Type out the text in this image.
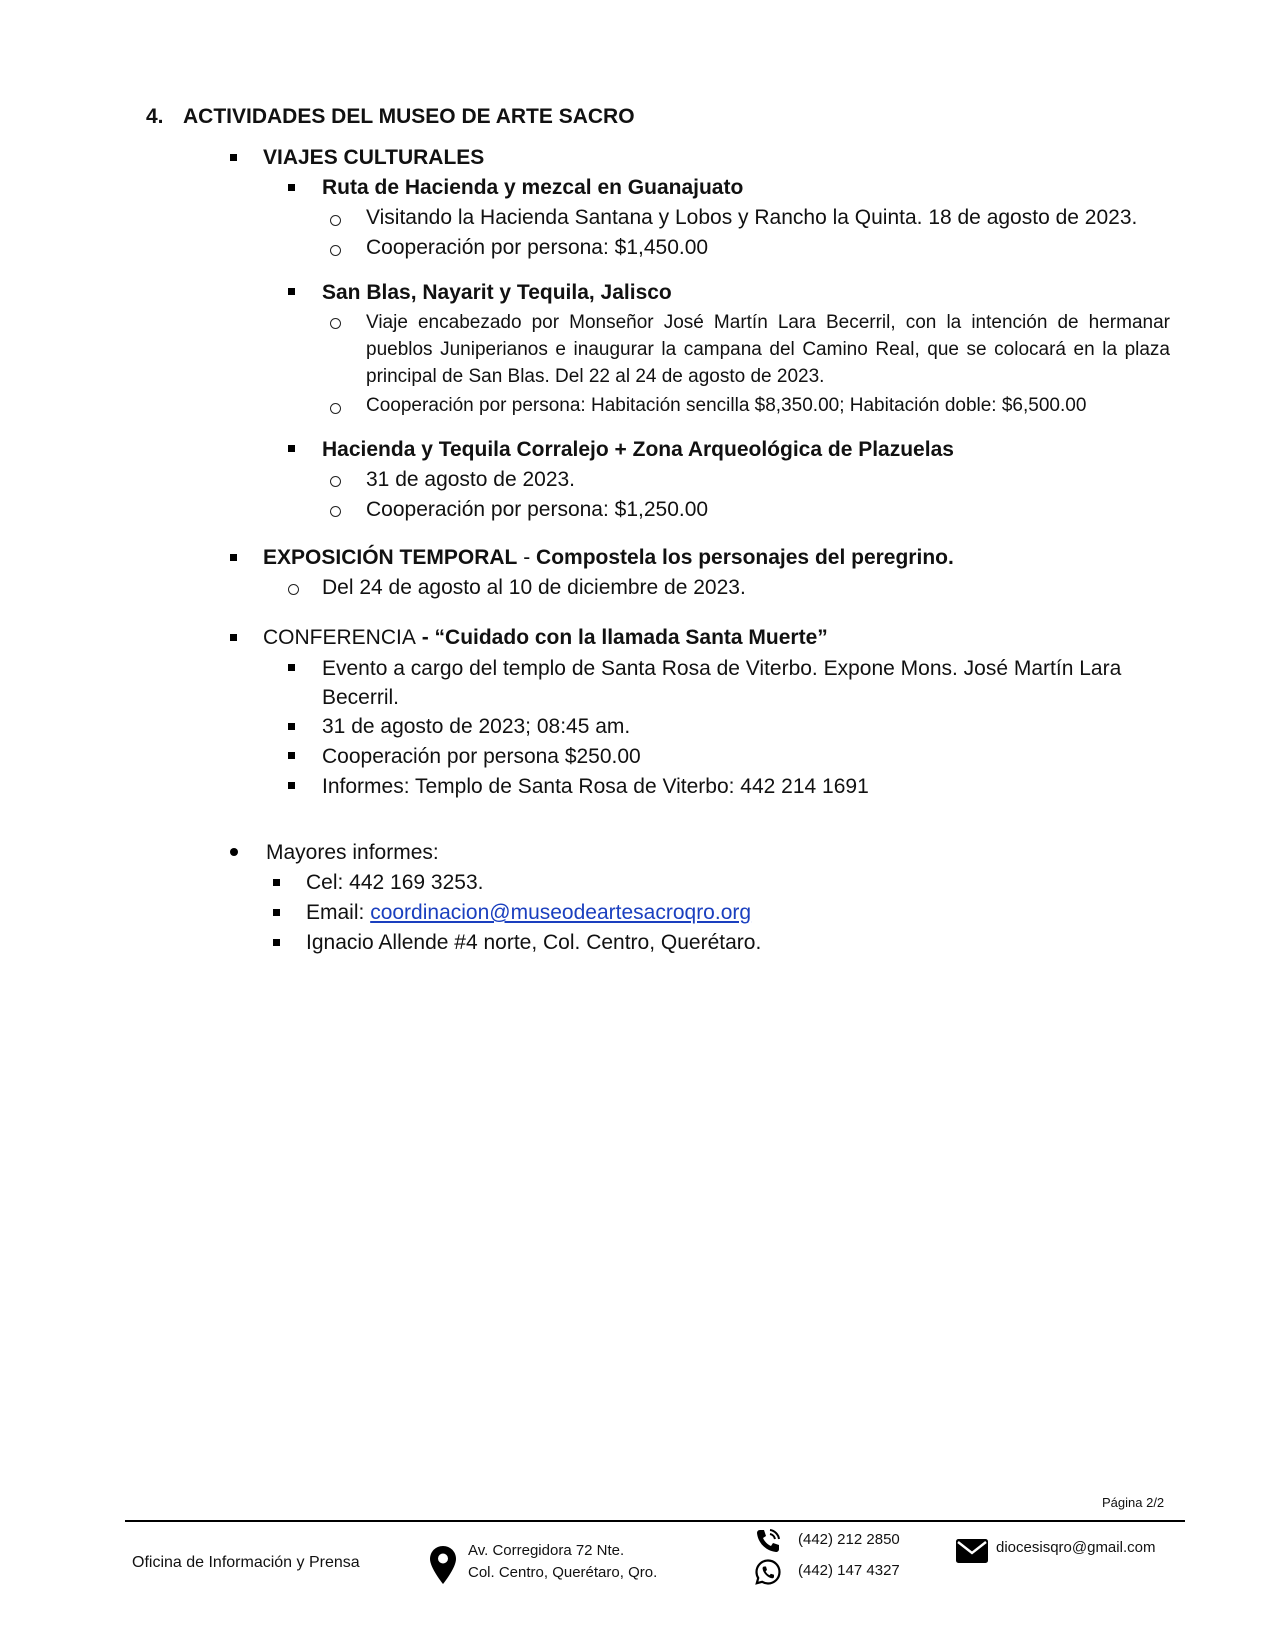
4. ACTIVIDADES DEL MUSEO DE ARTE SACRO
VIAJES CULTURALES
Ruta de Hacienda y mezcal en Guanajuato
Visitando la Hacienda Santana y Lobos y Rancho la Quinta. 18 de agosto de 2023.
Cooperación por persona: $1,450.00
San Blas, Nayarit y Tequila, Jalisco
Viaje encabezado por Monseñor José Martín Lara Becerril, con la intención de hermanar pueblos Juniperianos e inaugurar la campana del Camino Real, que se colocará en la plaza principal de San Blas. Del 22 al 24 de agosto de 2023.
Cooperación por persona: Habitación sencilla $8,350.00; Habitación doble: $6,500.00
Hacienda y Tequila Corralejo + Zona Arqueológica de Plazuelas
31 de agosto de 2023.
Cooperación por persona: $1,250.00
EXPOSICIÓN TEMPORAL - Compostela los personajes del peregrino.
Del 24 de agosto al 10 de diciembre de 2023.
CONFERENCIA - “Cuidado con la llamada Santa Muerte”
Evento a cargo del templo de Santa Rosa de Viterbo. Expone Mons. José Martín Lara
Becerril.
31 de agosto de 2023; 08:45 am.
Cooperación por persona $250.00
Informes: Templo de Santa Rosa de Viterbo: 442 214 1691
Mayores informes:
Cel: 442 169 3253.
Email: coordinacion@museodeartesacroqro.org
Ignacio Allende #4 norte, Col. Centro, Querétaro.
Página 2/2
Oficina de Información y Prensa
Av. Corregidora 72 Nte.
Col. Centro, Querétaro, Qro.
(442) 212 2850
(442) 147 4327
diocesisqro@gmail.com
